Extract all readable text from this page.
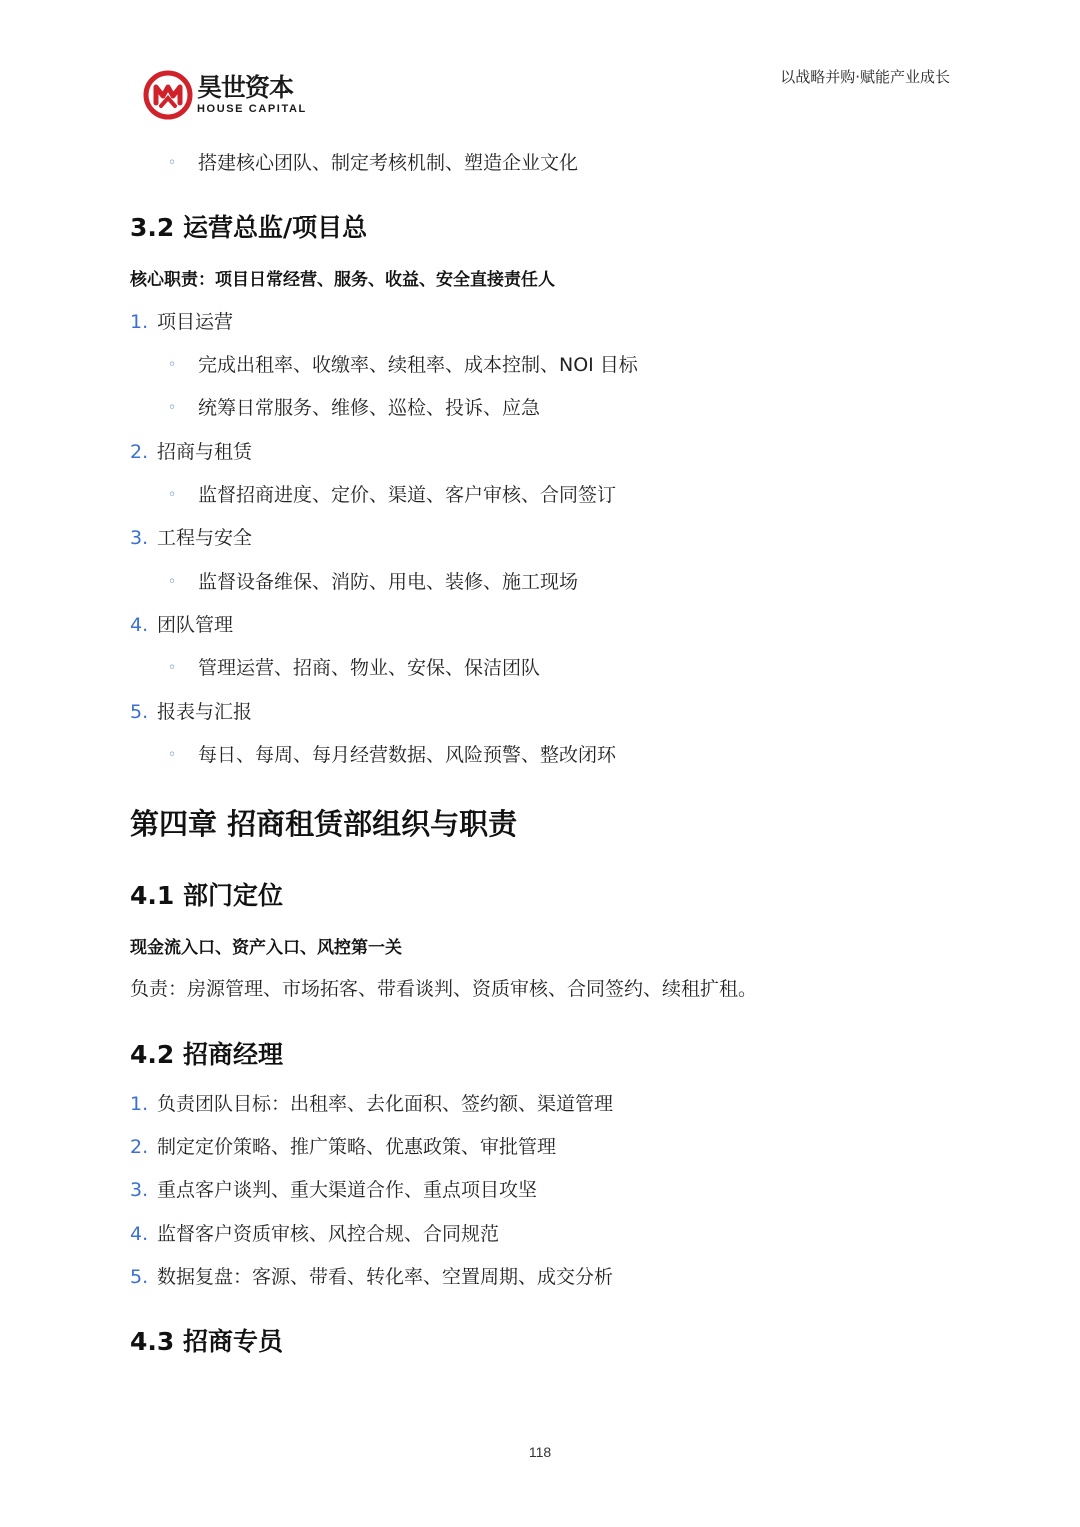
昊世资本
HOUSE CAPITAL
以战略并购·赋能产业成长
◦ 搭建核心团队、制定考核机制、塑造企业文化
3.2 运营总监/项目总
核心职责：项目日常经营、服务、收益、安全直接责任人
1. 项目运营
◦ 完成出租率、收缴率、续租率、成本控制、NOI 目标
◦ 统筹日常服务、维修、巡检、投诉、应急
2. 招商与租赁
◦ 监督招商进度、定价、渠道、客户审核、合同签订
3. 工程与安全
◦ 监督设备维保、消防、用电、装修、施工现场
4. 团队管理
◦ 管理运营、招商、物业、安保、保洁团队
5. 报表与汇报
◦ 每日、每周、每月经营数据、风险预警、整改闭环
第四章 招商租赁部组织与职责
4.1 部门定位
现金流入口、资产入口、风控第一关
负责：房源管理、市场拓客、带看谈判、资质审核、合同签约、续租扩租。
4.2 招商经理
1. 负责团队目标：出租率、去化面积、签约额、渠道管理
2. 制定定价策略、推广策略、优惠政策、审批管理
3. 重点客户谈判、重大渠道合作、重点项目攻坚
4. 监督客户资质审核、风控合规、合同规范
5. 数据复盘：客源、带看、转化率、空置周期、成交分析
4.3 招商专员
118
